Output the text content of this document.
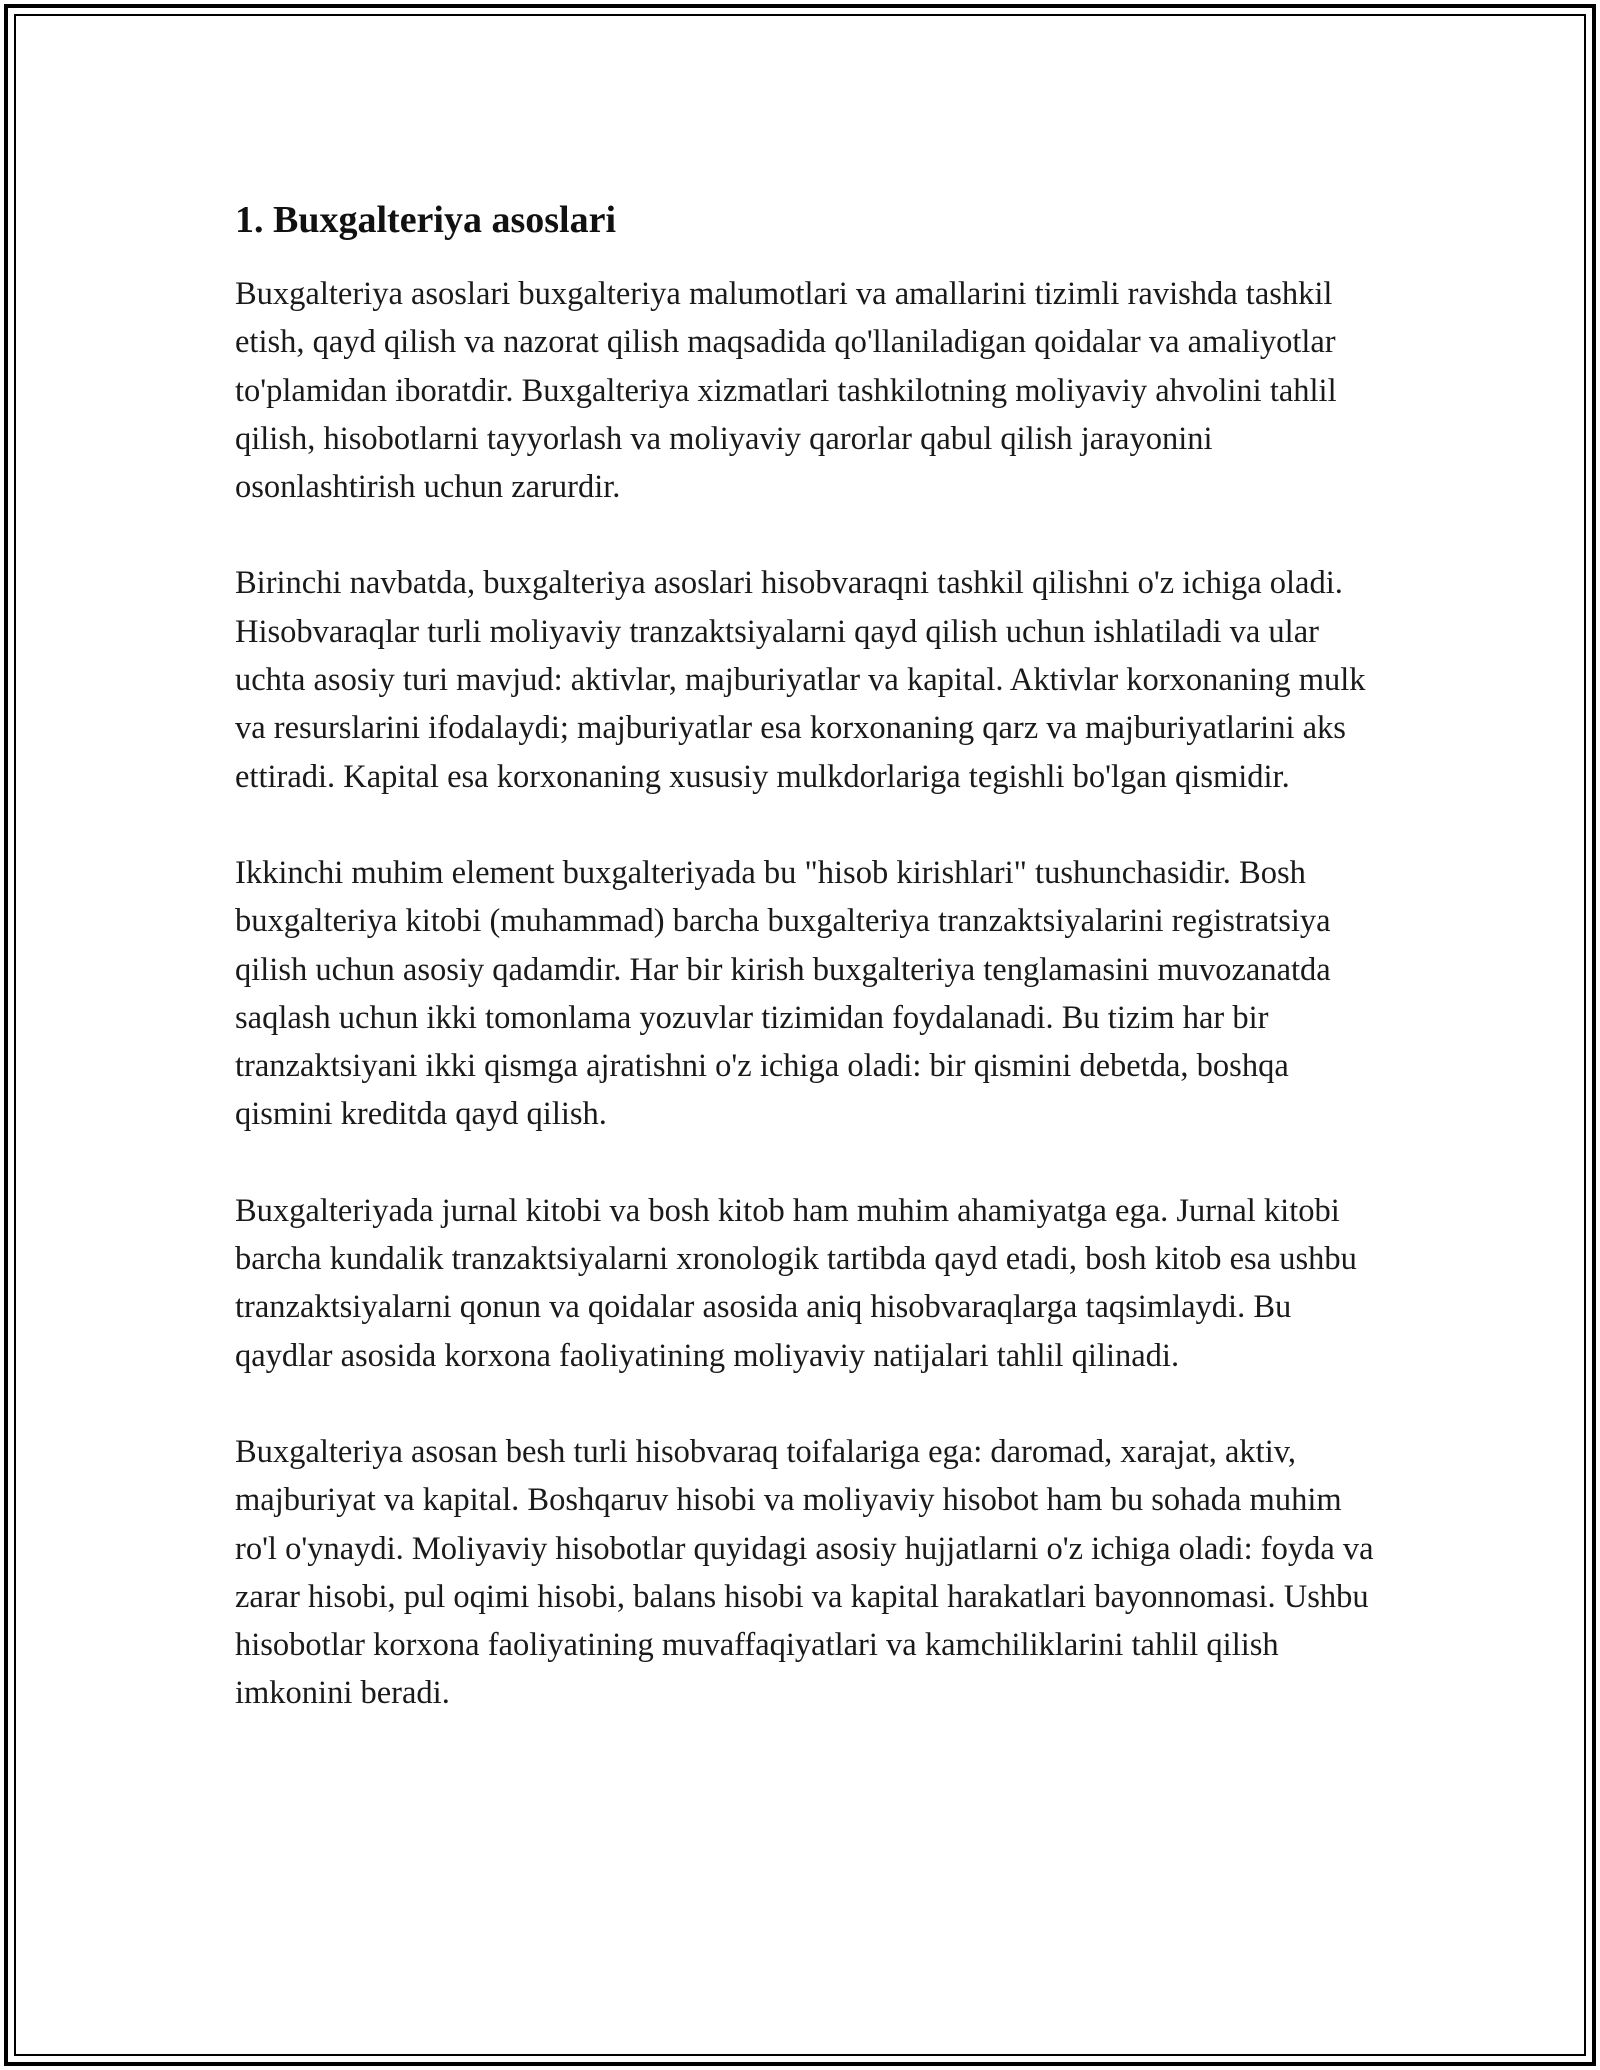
1. Buxgalteriya asoslari

Buxgalteriya asoslari buxgalteriya malumotlari va amallarini tizimli ravishda tashkil etish, qayd qilish va nazorat qilish maqsadida qo'llaniladigan qoidalar va amaliyotlar to'plamidan iboratdir. Buxgalteriya xizmatlari tashkilotning moliyaviy ahvolini tahlil qilish, hisobotlarni tayyorlash va moliyaviy qarorlar qabul qilish jarayonini osonlashtirish uchun zarurdir.

Birinchi navbatda, buxgalteriya asoslari hisobvaraqni tashkil qilishni o'z ichiga oladi. Hisobvaraqlar turli moliyaviy tranzaktsiyalarni qayd qilish uchun ishlatiladi va ular uchta asosiy turi mavjud: aktivlar, majburiyatlar va kapital. Aktivlar korxonaning mulk va resurslarini ifodalaydi; majburiyatlar esa korxonaning qarz va majburiyatlarini aks ettiradi. Kapital esa korxonaning xususiy mulkdorlariga tegishli bo'lgan qismidir.

Ikkinchi muhim element buxgalteriyada bu "hisob kirishlari" tushunchasidir. Bosh buxgalteriya kitobi (muhammad) barcha buxgalteriya tranzaktsiyalarini registratsiya qilish uchun asosiy qadamdir. Har bir kirish buxgalteriya tenglamasini muvozanatda saqlash uchun ikki tomonlama yozuvlar tizimidan foydalanadi. Bu tizim har bir tranzaktsiyani ikki qismga ajratishni o'z ichiga oladi: bir qismini debetda, boshqa qismini kreditda qayd qilish.

Buxgalteriyada jurnal kitobi va bosh kitob ham muhim ahamiyatga ega. Jurnal kitobi barcha kundalik tranzaktsiyalarni xronologik tartibda qayd etadi, bosh kitob esa ushbu tranzaktsiyalarni qonun va qoidalar asosida aniq hisobvaraqlarga taqsimlaydi. Bu qaydlar asosida korxona faoliyatining moliyaviy natijalari tahlil qilinadi.

Buxgalteriya asosan besh turli hisobvaraq toifalariga ega: daromad, xarajat, aktiv, majburiyat va kapital. Boshqaruv hisobi va moliyaviy hisobot ham bu sohada muhim ro'l o'ynaydi. Moliyaviy hisobotlar quyidagi asosiy hujjatlarni o'z ichiga oladi: foyda va zarar hisobi, pul oqimi hisobi, balans hisobi va kapital harakatlari bayonnomasi. Ushbu hisobotlar korxona faoliyatining muvaffaqiyatlari va kamchiliklarini tahlil qilish imkonini beradi.
